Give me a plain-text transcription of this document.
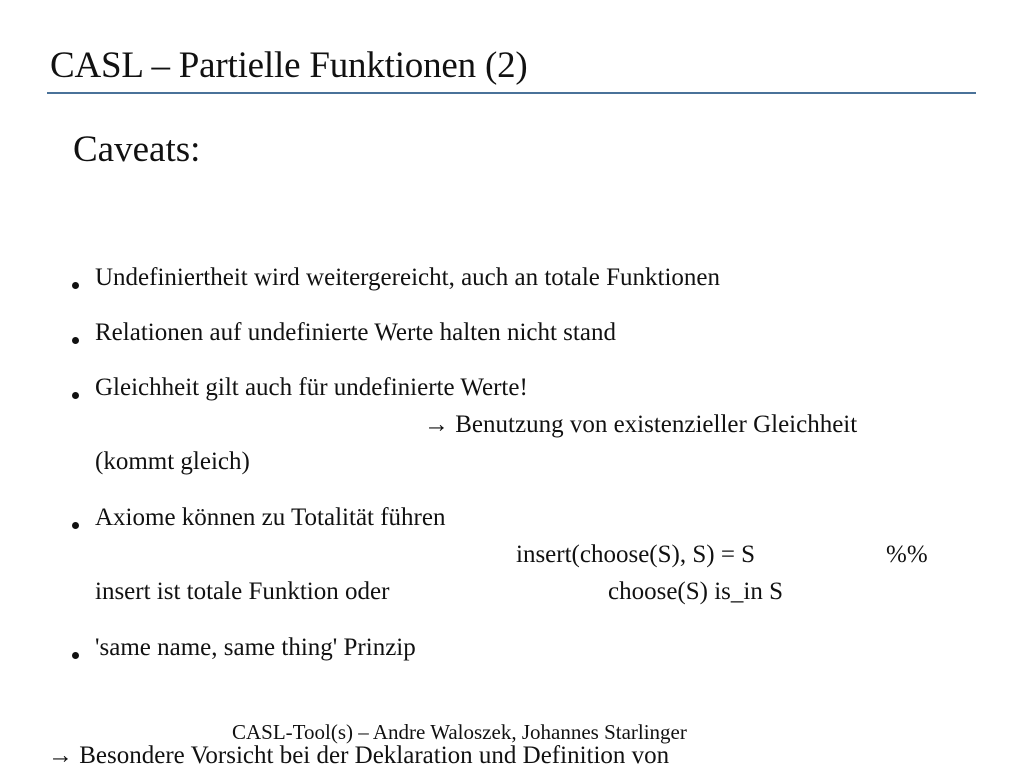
CASL – Partielle Funktionen (2)
Caveats:
Undefiniertheit wird weitergereicht, auch an totale Funktionen
Relationen auf undefinierte Werte halten nicht stand
Gleichheit gilt auch für undefinierte Werte!
→ Benutzung von existenzieller Gleichheit
(kommt gleich)
Axiome können zu Totalität führen
insert(choose(S), S) = S	%%
insert ist totale Funktion oder	choose(S) is_in S
'same name, same thing' Prinzip
→ Besondere Vorsicht bei der Deklaration und Definition von
CASL-Tool(s) – Andre Waloszek, Johannes Starlinger
